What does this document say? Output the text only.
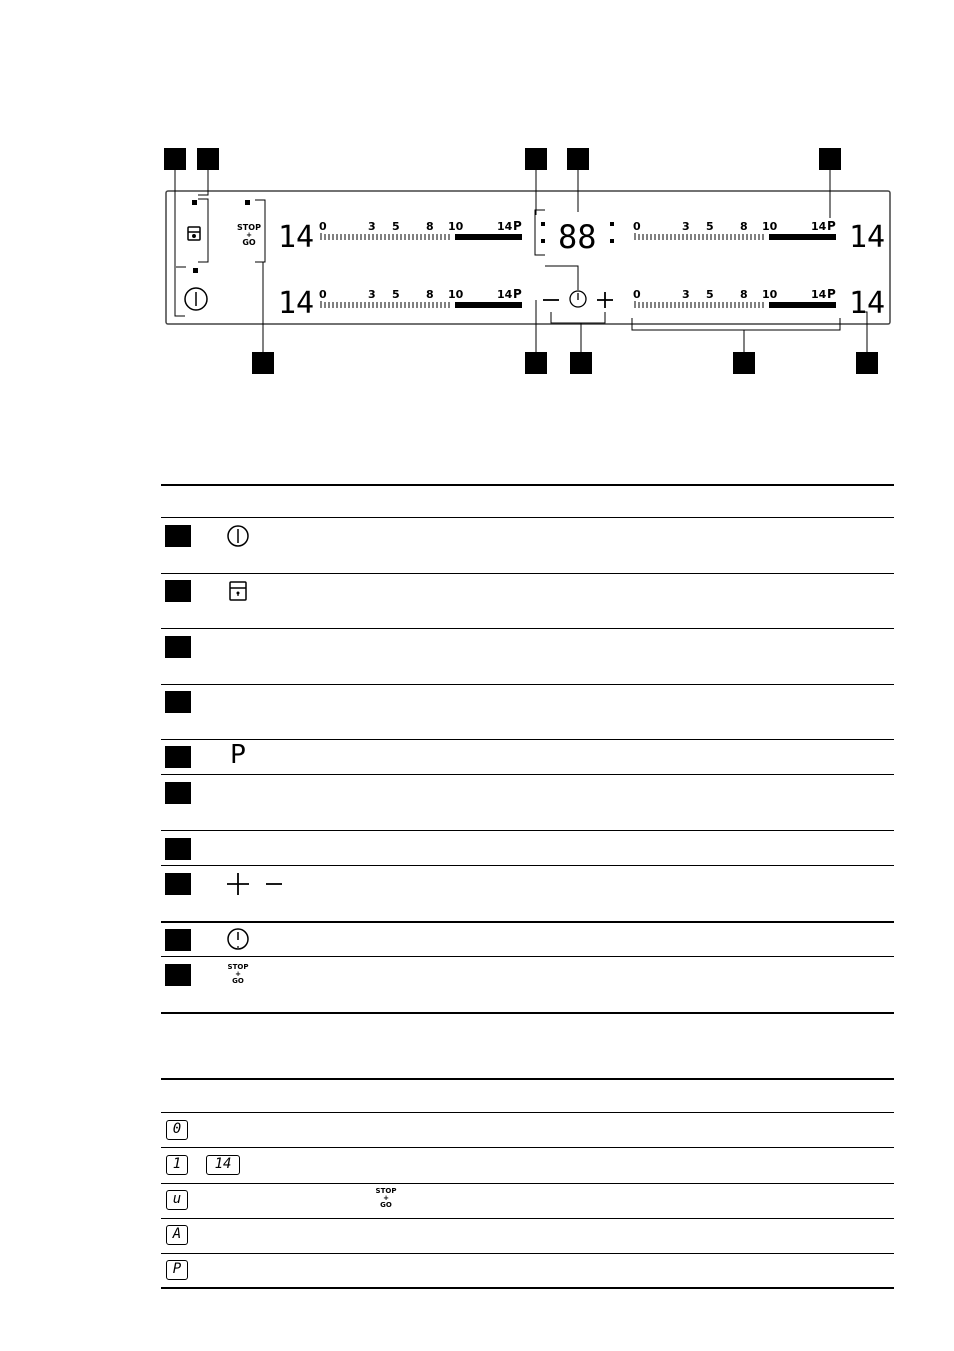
STOP
+
GO 14
14
14
14
88
0	3 5 8 10	14 P
0	3 5 8 10	14 P
0	3 5 8 10	14 P
0	3 5 8 10	14 P
P
STOP
+
GO
0
1	14
u	STOP
+
GO
A
P
